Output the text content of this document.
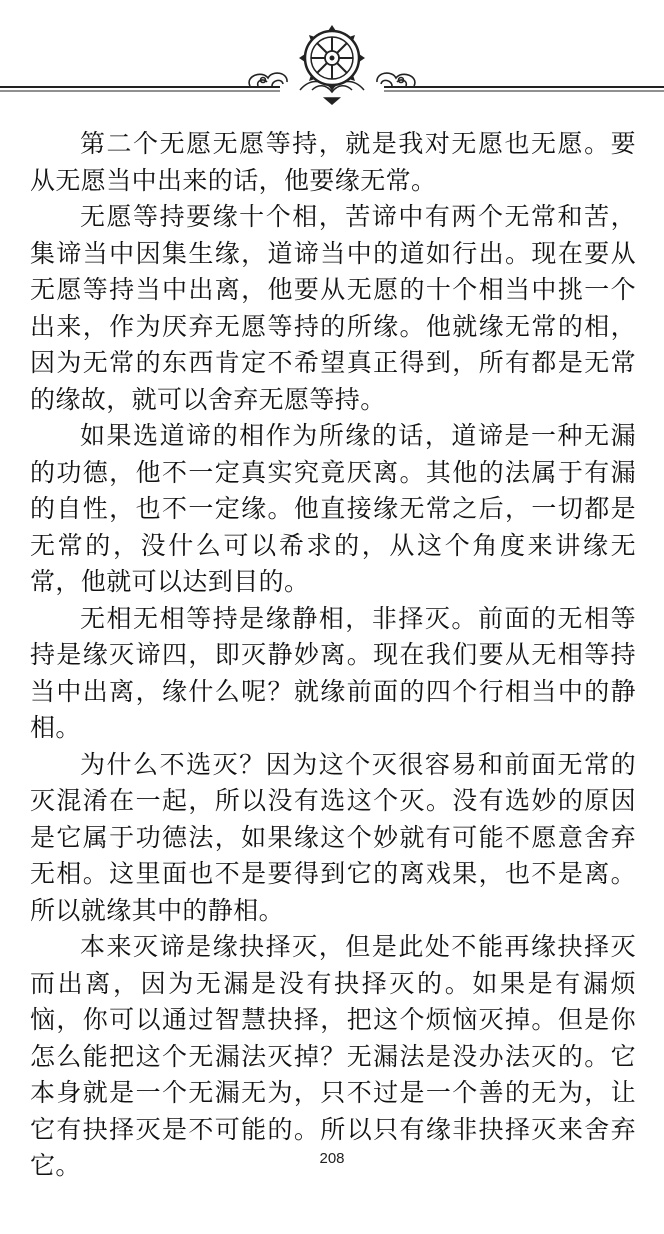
第二个无愿无愿等持，就是我对无愿也无愿。要从无愿当中出来的话，他要缘无常。

无愿等持要缘十个相，苦谛中有两个无常和苦，集谛当中因集生缘，道谛当中的道如行出。现在要从无愿等持当中出离，他要从无愿的十个相当中挑一个出来，作为厌弃无愿等持的所缘。他就缘无常的相，因为无常的东西肯定不希望真正得到，所有都是无常的缘故，就可以舍弃无愿等持。

如果选道谛的相作为所缘的话，道谛是一种无漏的功德，他不一定真实究竟厌离。其他的法属于有漏的自性，也不一定缘。他直接缘无常之后，一切都是无常的，没什么可以希求的，从这个角度来讲缘无常，他就可以达到目的。

无相无相等持是缘静相，非择灭。前面的无相等持是缘灭谛四，即灭静妙离。现在我们要从无相等持当中出离，缘什么呢？就缘前面的四个行相当中的静相。

为什么不选灭？因为这个灭很容易和前面无常的灭混淆在一起，所以没有选这个灭。没有选妙的原因是它属于功德法，如果缘这个妙就有可能不愿意舍弃无相。这里面也不是要得到它的离戏果，也不是离。所以就缘其中的静相。

本来灭谛是缘抉择灭，但是此处不能再缘抉择灭而出离，因为无漏是没有抉择灭的。如果是有漏烦恼，你可以通过智慧抉择，把这个烦恼灭掉。但是你怎么能把这个无漏法灭掉？无漏法是没办法灭的。它本身就是一个无漏无为，只不过是一个善的无为，让它有抉择灭是不可能的。所以只有缘非抉择灭来舍弃它。	208
